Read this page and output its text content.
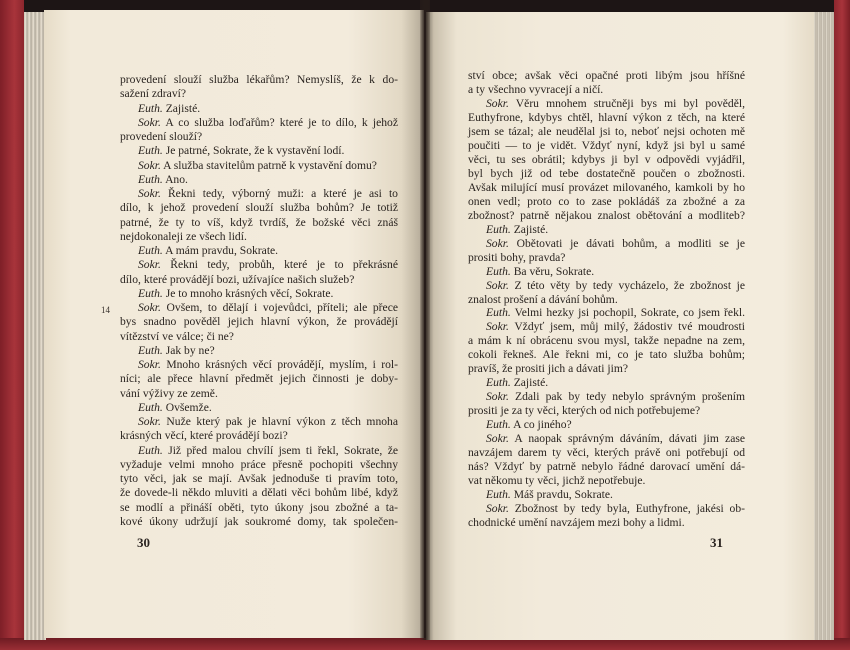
provedení slouží služba lékařům? Nemyslíš, že k do-
sažení zdraví?
Euth. Zajisté.
Sokr. A co služba loďařům? které je to dílo, k jehož
provedení slouží?
Euth. Je patrné, Sokrate, že k vystavění lodí.
Sokr. A služba stavitelům patrně k vystavění domu?
Euth. Ano.
Sokr. Řekni tedy, výborný muži: a které je asi to
dílo, k jehož provedení slouží služba bohům? Je totiž
patrné, že ty to víš, když tvrdíš, že božské věci znáš
nejdokonaleji ze všech lidí.
Euth. A mám pravdu, Sokrate.
Sokr. Řekni tedy, probůh, které je to překrásné
dílo, které provádějí bozi, užívajíce našich služeb?
Euth. Je to mnoho krásných věcí, Sokrate.
Sokr. Ovšem, to dělají i vojevůdci, příteli; ale přece
bys snadno pověděl jejich hlavní výkon, že provádějí
vítězství ve válce; či ne?
Euth. Jak by ne?
Sokr. Mnoho krásných věcí provádějí, myslím, i rol-
níci; ale přece hlavní předmět jejich činnosti je doby-
vání výživy ze země.
Euth. Ovšemže.
Sokr. Nuže který pak je hlavní výkon z těch mnoha
krásných věcí, které provádějí bozi?
Euth. Již před malou chvílí jsem ti řekl, Sokrate, že
vyžaduje velmi mnoho práce přesně pochopiti všechny
tyto věci, jak se mají. Avšak jednoduše ti pravím toto,
že dovede-li někdo mluviti a dělati věci bohům libé, když
se modlí a přináší oběti, tyto úkony jsou zbožné a ta-
kové úkony udržují jak soukromé domy, tak společen-
ství obce; avšak věci opačné proti libým jsou hříšné
a ty všechno vyvracejí a ničí.
Sokr. Věru mnohem stručněji bys mi byl pověděl,
Euthyfrone, kdybys chtěl, hlavní výkon z těch, na které
jsem se tázal; ale neudělal jsi to, neboť nejsi ochoten mě
poučiti — to je vidět. Vždyť nyní, když jsi byl u samé
věci, tu ses obrátil; kdybys ji byl v odpovědi vyjádřil,
byl bych již od tebe dostatečně poučen o zbožnosti.
Avšak milující musí provázet milovaného, kamkoli by ho
onen vedl; proto co to zase pokládáš za zbožné a za
zbožnost? patrně nějakou znalost obětování a modliteb?
Euth. Zajisté.
Sokr. Obětovati je dávati bohům, a modliti se je
prositi bohy, pravda?
Euth. Ba věru, Sokrate.
Sokr. Z této věty by tedy vycházelo, že zbožnost je
znalost prošení a dávání bohům.
Euth. Velmi hezky jsi pochopil, Sokrate, co jsem řekl.
Sokr. Vždyť jsem, můj milý, žádostiv tvé moudrosti
a mám k ní obrácenu svou mysl, takže nepadne na zem,
cokoli řekneš. Ale řekni mi, co je tato služba bohům;
pravíš, že prositi jich a dávati jim?
Euth. Zajisté.
Sokr. Zdali pak by tedy nebylo správným prošením
prositi je za ty věci, kterých od nich potřebujeme?
Euth. A co jiného?
Sokr. A naopak správným dáváním, dávati jim zase
navzájem darem ty věci, kterých právě oni potřebují od
nás? Vždyť by patrně nebylo řádné darovací umění dá-
vat někomu ty věci, jichž nepotřebuje.
Euth. Máš pravdu, Sokrate.
Sokr. Zbožnost by tedy byla, Euthyfrone, jakési ob-
chodnické umění navzájem mezi bohy a lidmi.
14
30	31
